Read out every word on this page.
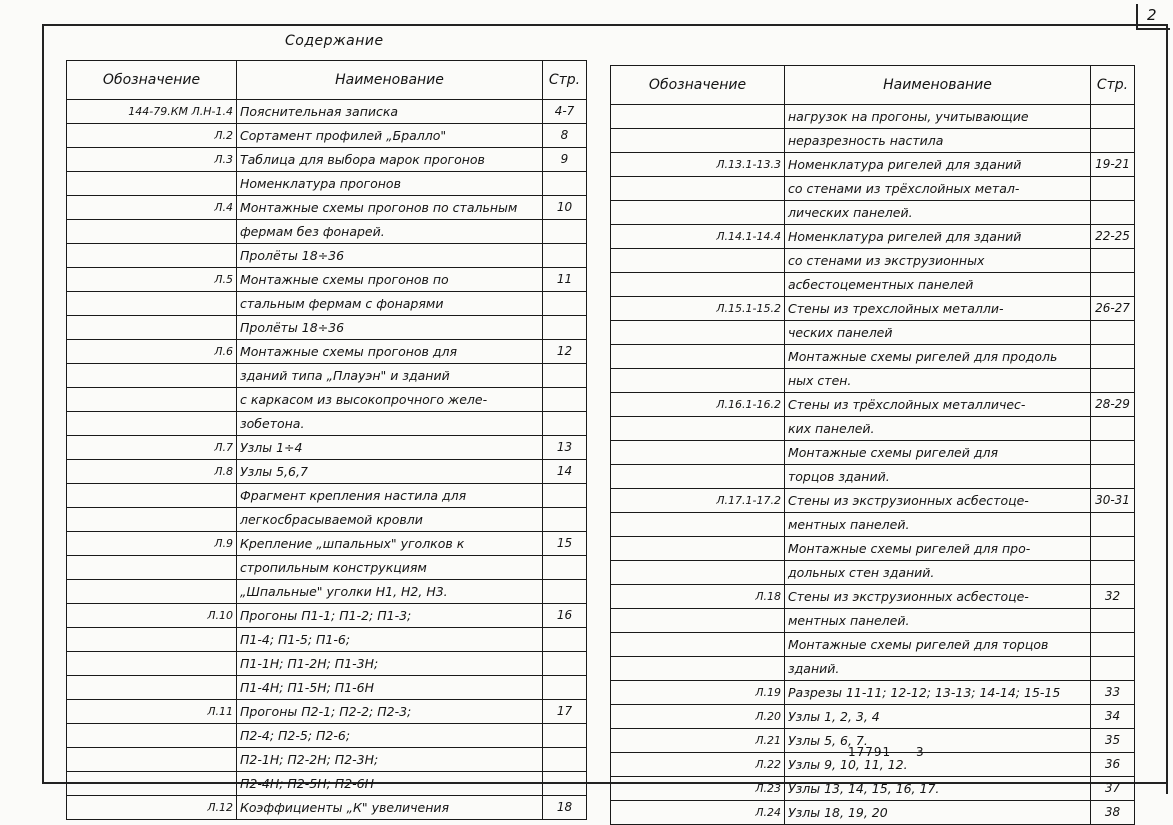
2
Содержание
Обозначение	Наименование	Стр.
144-79.КМ Л.Н-1.4	Пояснительная записка	4-7
Л.2	Сортамент профилей „Бралло"	8
Л.3	Таблица для выбора марок прогонов	9
	Номенклатура прогонов	
Л.4	Монтажные схемы прогонов по стальным	10
	фермам без фонарей.	
	Пролёты 18÷36	
Л.5	Монтажные схемы прогонов по	11
	стальным фермам с фонарями	
	Пролёты 18÷36	
Л.6	Монтажные схемы прогонов для	12
	зданий типа „Плауэн" и зданий	
	с каркасом из высокопрочного желе-	
	зобетона.	
Л.7	Узлы 1÷4	13
Л.8	Узлы 5,6,7	14
	Фрагмент крепления настила для	
	легкосбрасываемой кровли	
Л.9	Крепление „шпальных" уголков к	15
	стропильным конструкциям	
	„Шпальные" уголки Н1, Н2, Н3.	
Л.10	Прогоны П1-1; П1-2; П1-3;	16
	П1-4; П1-5; П1-6;	
	П1-1Н; П1-2Н; П1-3Н;	
	П1-4Н; П1-5Н; П1-6Н	
Л.11	Прогоны П2-1; П2-2; П2-3;	17
	П2-4; П2-5; П2-6;	
	П2-1Н; П2-2Н; П2-3Н;	
	П2-4Н; П2-5Н; П2-6Н	
Л.12	Коэффициенты „К" увеличения	18
Обозначение	Наименование	Стр.
	нагрузок на прогоны, учитывающие	
	неразрезность настила	
Л.13.1-13.3	Номенклатура ригелей для зданий	19-21
	со стенами из трёхслойных метал-	
	лических панелей.	
Л.14.1-14.4	Номенклатура ригелей для зданий	22-25
	со стенами из экструзионных	
	асбестоцементных панелей	
Л.15.1-15.2	Стены из трехслойных металли-	26-27
	ческих панелей	
	Монтажные схемы ригелей для продоль	
	ных стен.	
Л.16.1-16.2	Стены из трёхслойных металличес-	28-29
	ких панелей.	
	Монтажные схемы ригелей для	
	торцов зданий.	
Л.17.1-17.2	Стены из экструзионных асбестоце-	30-31
	ментных панелей.	
	Монтажные схемы ригелей для про-	
	дольных стен зданий.	
Л.18	Стены из экструзионных асбестоце-	32
	ментных панелей.	
	Монтажные схемы ригелей для торцов	
	зданий.	
Л.19	Разрезы 11-11; 12-12; 13-13; 14-14; 15-15	33
Л.20	Узлы 1, 2, 3, 4	34
Л.21	Узлы 5, 6, 7.	35
Л.22	Узлы 9, 10, 11, 12.	36
Л.23	Узлы 13, 14, 15, 16, 17.	37
Л.24	Узлы 18, 19, 20	38
17791 3
